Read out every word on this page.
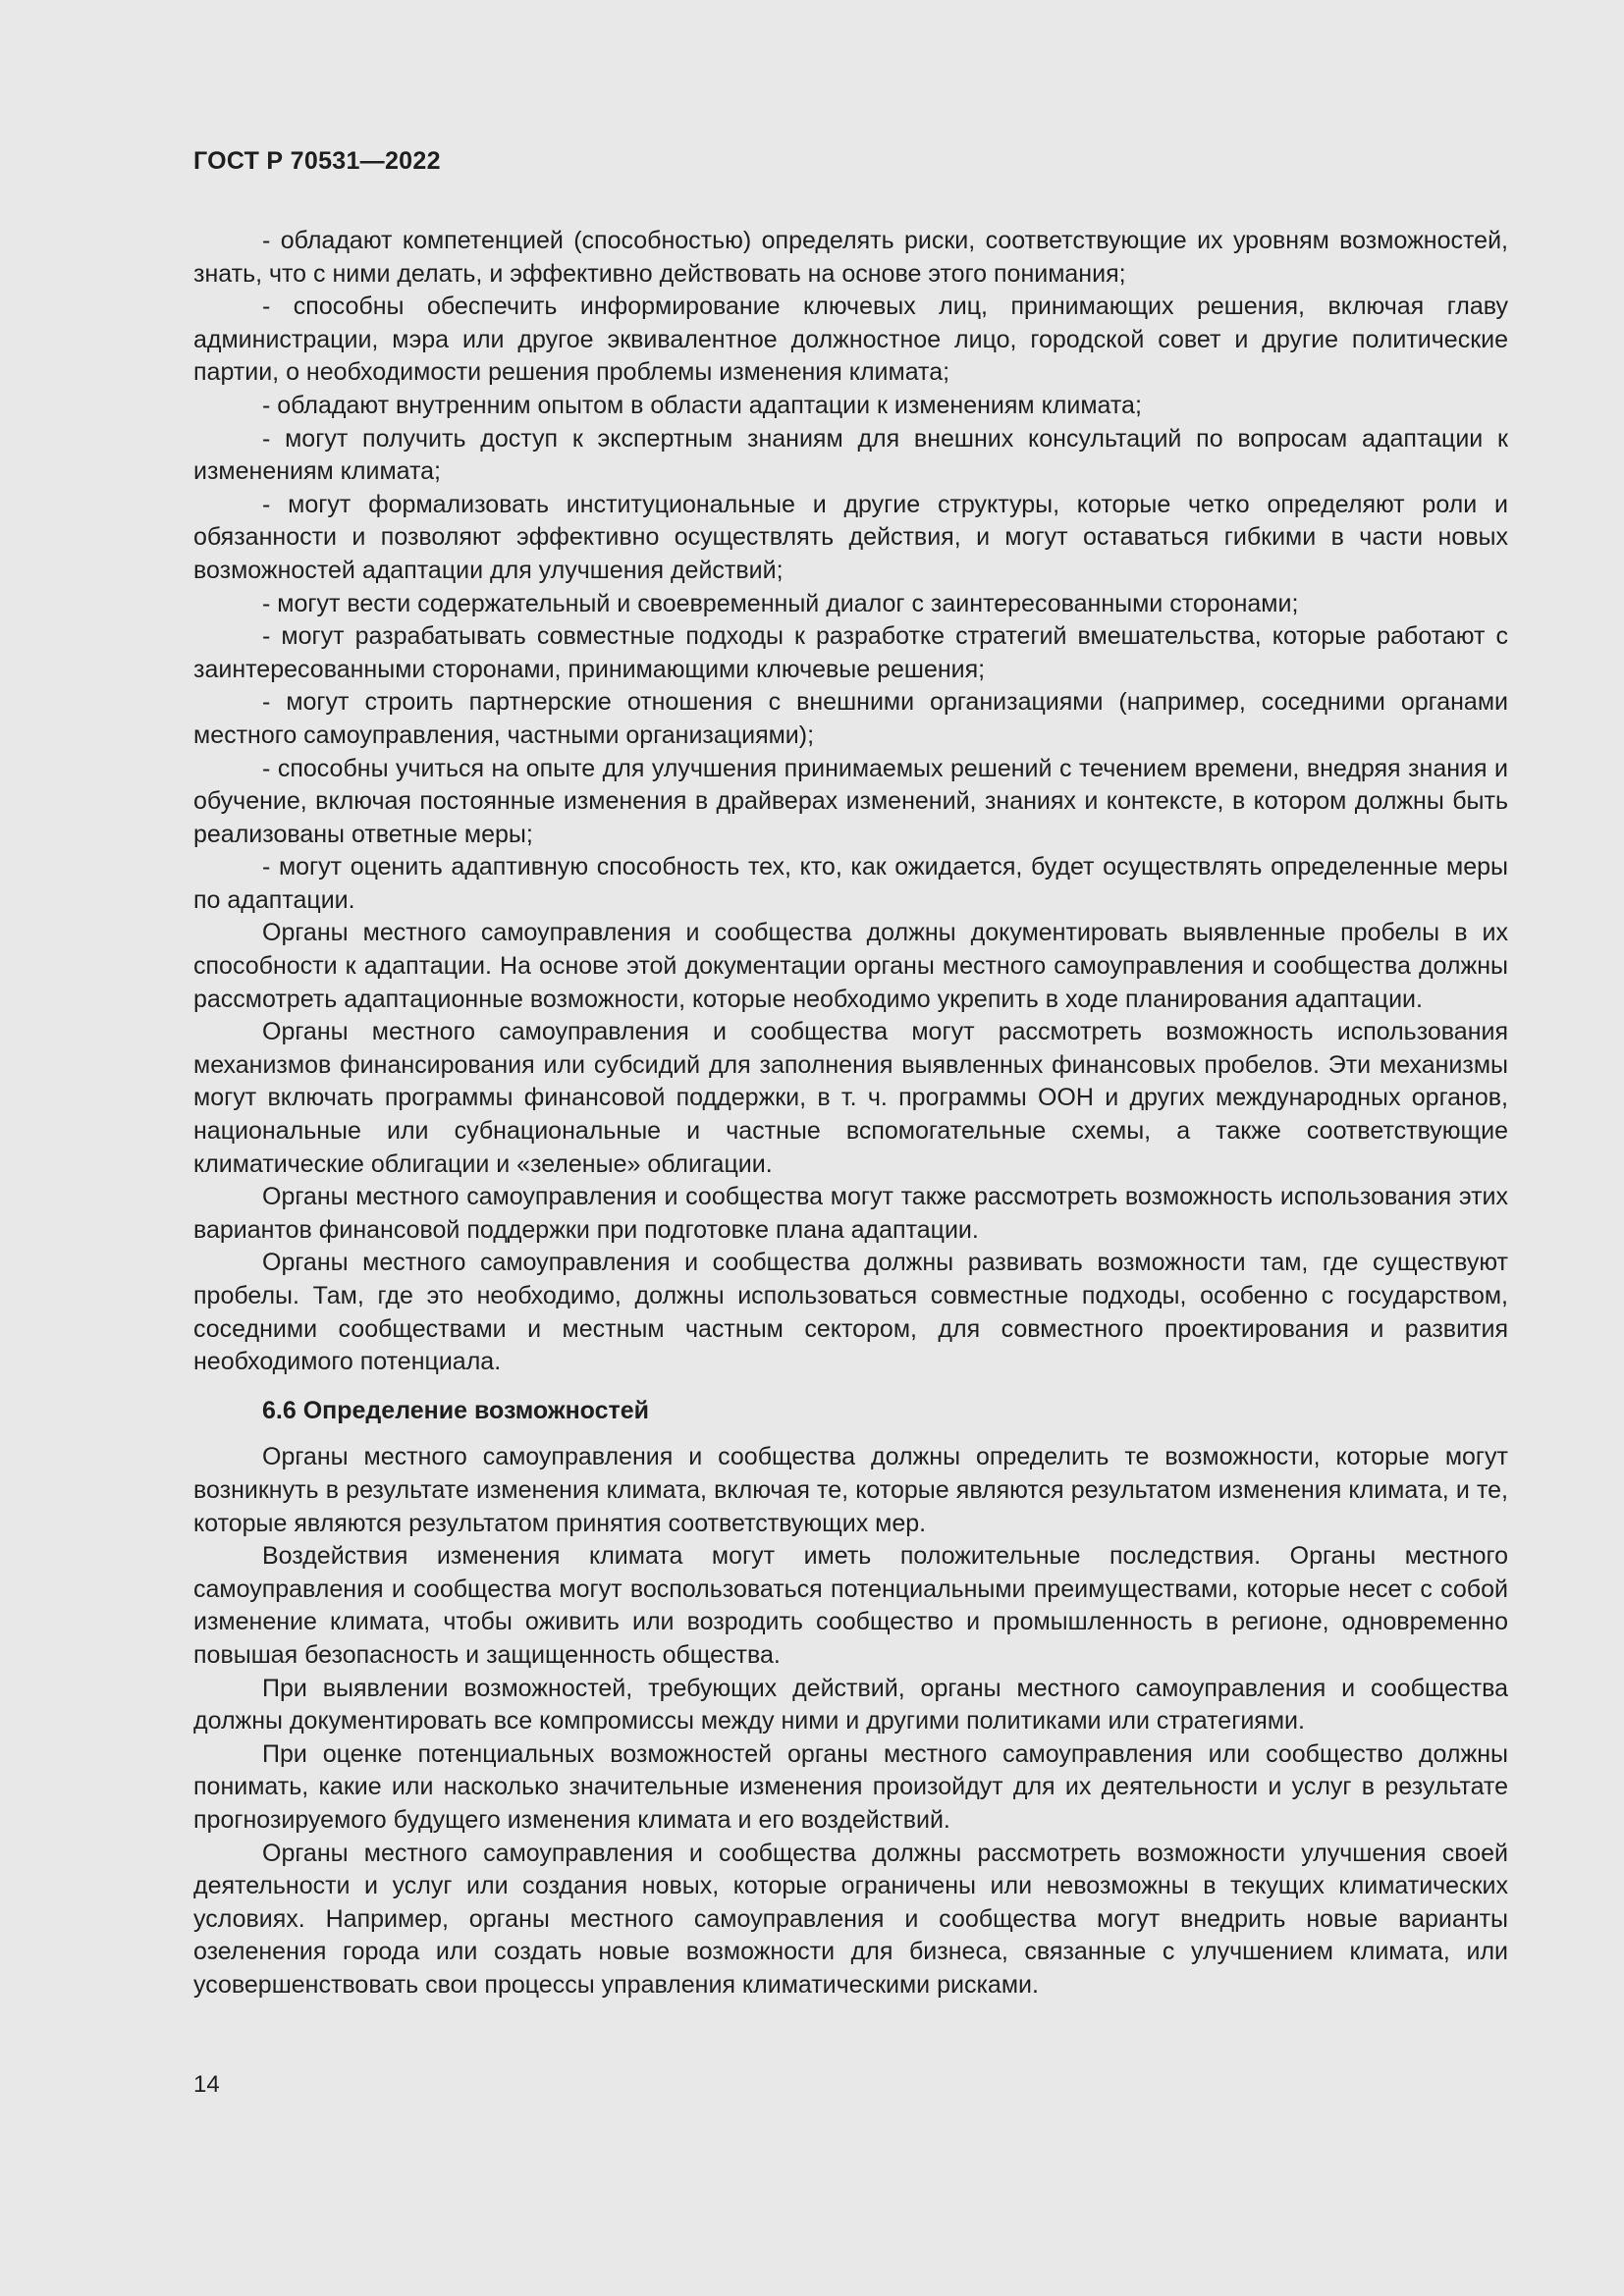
ГОСТ Р 70531—2022

- обладают компетенцией (способностью) определять риски, соответствующие их уровням возможностей, знать, что с ними делать, и эффективно действовать на основе этого понимания;

- способны обеспечить информирование ключевых лиц, принимающих решения, включая главу администрации, мэра или другое эквивалентное должностное лицо, городской совет и другие политические партии, о необходимости решения проблемы изменения климата;

- обладают внутренним опытом в области адаптации к изменениям климата;

- могут получить доступ к экспертным знаниям для внешних консультаций по вопросам адаптации к изменениям климата;

- могут формализовать институциональные и другие структуры, которые четко определяют роли и обязанности и позволяют эффективно осуществлять действия, и могут оставаться гибкими в части новых возможностей адаптации для улучшения действий;

- могут вести содержательный и своевременный диалог с заинтересованными сторонами;

- могут разрабатывать совместные подходы к разработке стратегий вмешательства, которые работают с заинтересованными сторонами, принимающими ключевые решения;

- могут строить партнерские отношения с внешними организациями (например, соседними органами местного самоуправления, частными организациями);

- способны учиться на опыте для улучшения принимаемых решений с течением времени, внедряя знания и обучение, включая постоянные изменения в драйверах изменений, знаниях и контексте, в котором должны быть реализованы ответные меры;

- могут оценить адаптивную способность тех, кто, как ожидается, будет осуществлять определенные меры по адаптации.

Органы местного самоуправления и сообщества должны документировать выявленные пробелы в их способности к адаптации. На основе этой документации органы местного самоуправления и сообщества должны рассмотреть адаптационные возможности, которые необходимо укрепить в ходе планирования адаптации.

Органы местного самоуправления и сообщества могут рассмотреть возможность использования механизмов финансирования или субсидий для заполнения выявленных финансовых пробелов. Эти механизмы могут включать программы финансовой поддержки, в т. ч. программы ООН и других международных органов, национальные или субнациональные и частные вспомогательные схемы, а также соответствующие климатические облигации и «зеленые» облигации.

Органы местного самоуправления и сообщества могут также рассмотреть возможность использования этих вариантов финансовой поддержки при подготовке плана адаптации.

Органы местного самоуправления и сообщества должны развивать возможности там, где существуют пробелы. Там, где это необходимо, должны использоваться совместные подходы, особенно с государством, соседними сообществами и местным частным сектором, для совместного проектирования и развития необходимого потенциала.

6.6 Определение возможностей

Органы местного самоуправления и сообщества должны определить те возможности, которые могут возникнуть в результате изменения климата, включая те, которые являются результатом изменения климата, и те, которые являются результатом принятия соответствующих мер.

Воздействия изменения климата могут иметь положительные последствия. Органы местного самоуправления и сообщества могут воспользоваться потенциальными преимуществами, которые несет с собой изменение климата, чтобы оживить или возродить сообщество и промышленность в регионе, одновременно повышая безопасность и защищенность общества.

При выявлении возможностей, требующих действий, органы местного самоуправления и сообщества должны документировать все компромиссы между ними и другими политиками или стратегиями.

При оценке потенциальных возможностей органы местного самоуправления или сообщество должны понимать, какие или насколько значительные изменения произойдут для их деятельности и услуг в результате прогнозируемого будущего изменения климата и его воздействий.

Органы местного самоуправления и сообщества должны рассмотреть возможности улучшения своей деятельности и услуг или создания новых, которые ограничены или невозможны в текущих климатических условиях. Например, органы местного самоуправления и сообщества могут внедрить новые варианты озеленения города или создать новые возможности для бизнеса, связанные с улучшением климата, или усовершенствовать свои процессы управления климатическими рисками.

14
